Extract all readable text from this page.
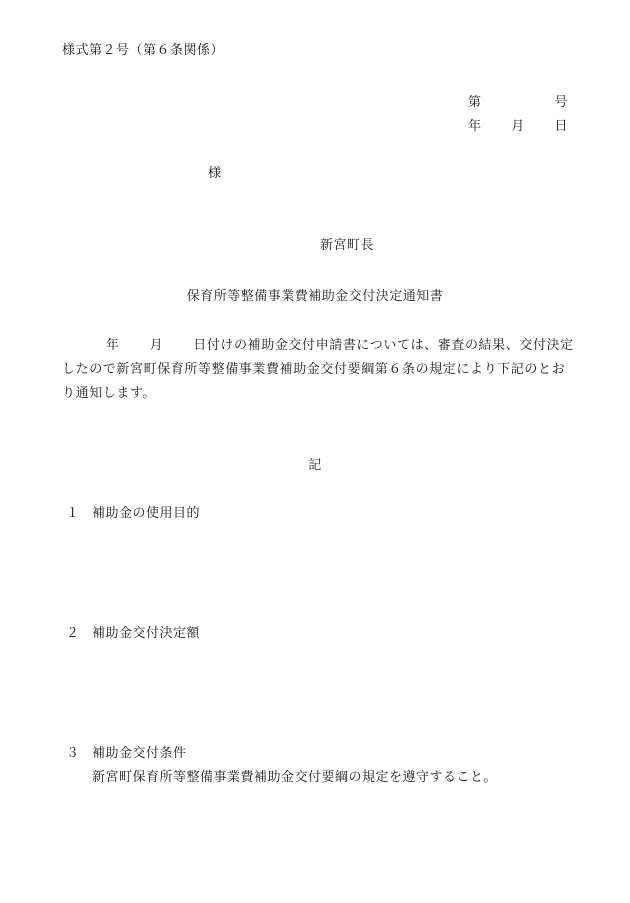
様式第２号（第６条関係）
第	号
年 月 日
様
新宮町長
保育所等整備事業費補助金交付決定通知書
年 月 日付けの補助金交付申請書については、審査の結果、交付決定したので新宮町保育所等整備事業費補助金交付要綱第６条の規定により下記のとおり通知します。
記
１ 補助金の使用目的
２ 補助金交付決定額
３ 補助金交付条件
新宮町保育所等整備事業費補助金交付要綱の規定を遵守すること。
